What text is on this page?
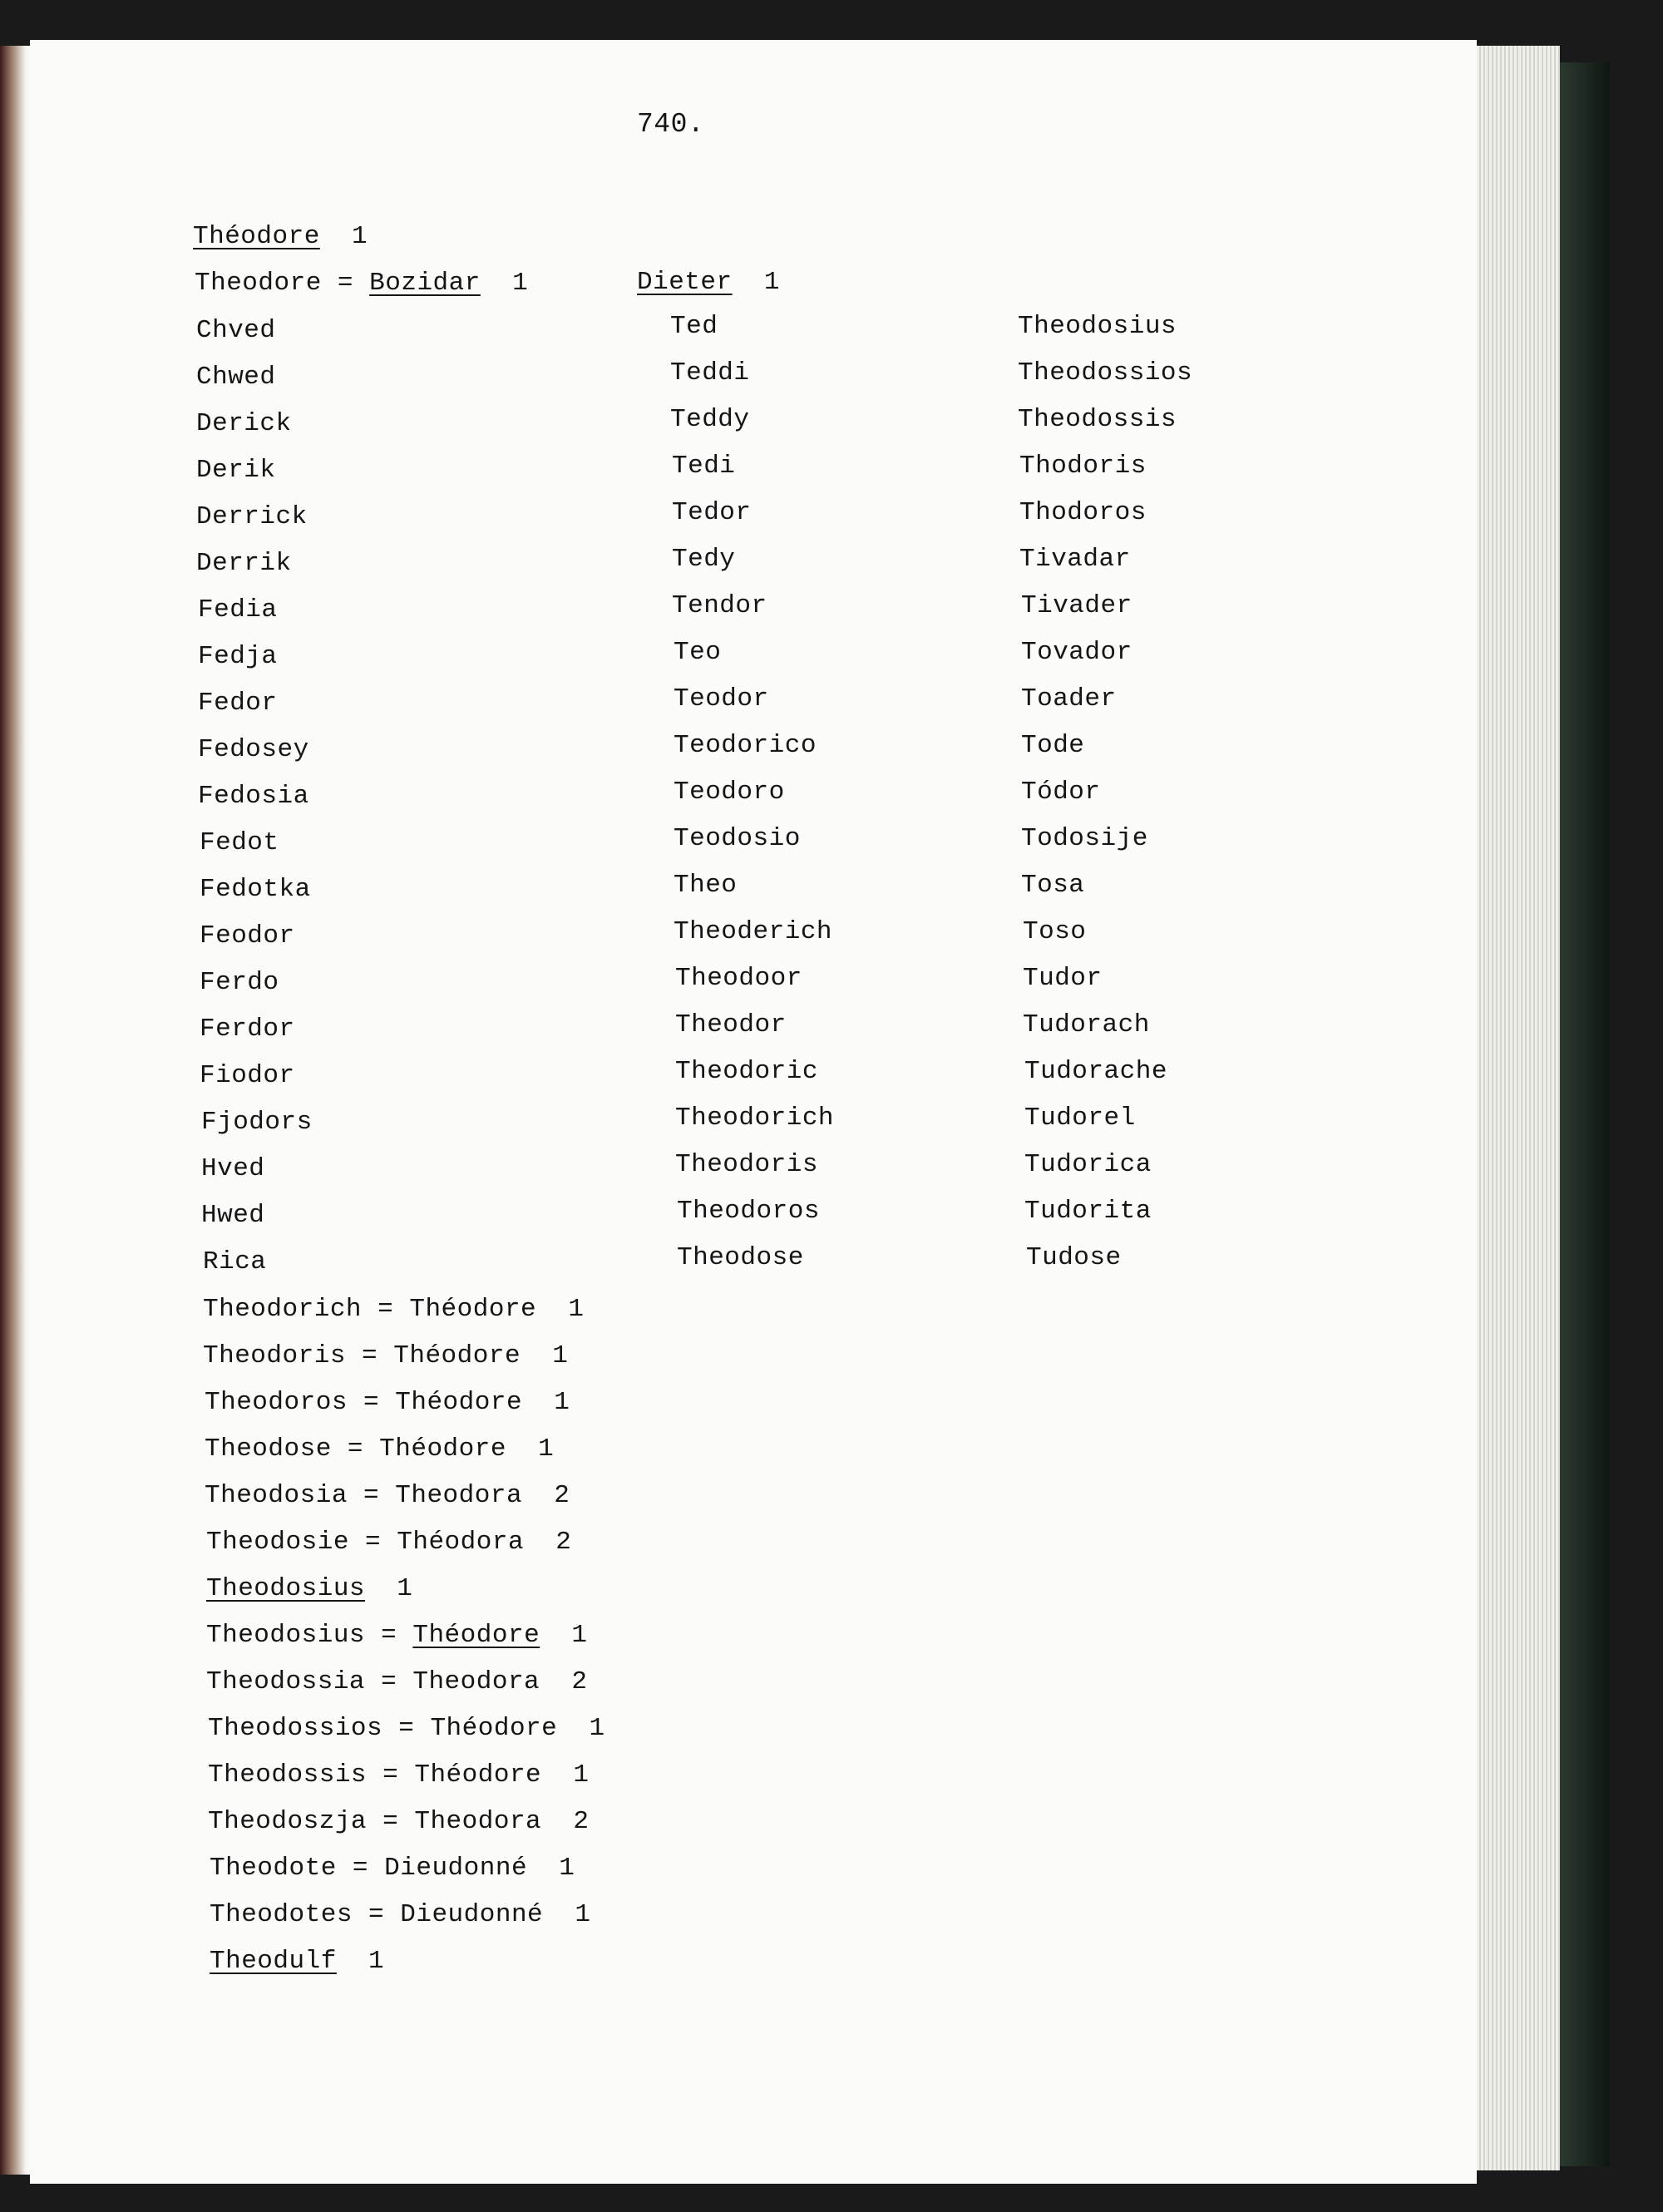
740.
Théodore  1
Theodore = Bozidar  1
Chved
Chwed
Derick
Derik
Derrick
Derrik
Fedia
Fedja
Fedor
Fedosey
Fedosia
Fedot
Fedotka
Feodor
Ferdo
Ferdor
Fiodor
Fjodors
Hved
Hwed
Rica
Theodorich = Théodore  1
Theodoris = Théodore  1
Theodoros = Théodore  1
Theodose = Théodore  1
Theodosia = Theodora  2
Theodosie = Théodora  2
Theodosius  1
Theodosius = Théodore  1
Theodossia = Theodora  2
Theodossios = Théodore  1
Theodossis = Théodore  1
Theodoszja = Theodora  2
Theodote = Dieudonné  1
Theodotes = Dieudonné  1
Theodulf  1
Dieter  1
Ted
Teddi
Teddy
Tedi
Tedor
Tedy
Tendor
Teo
Teodor
Teodorico
Teodoro
Teodosio
Theo
Theoderich
Theodoor
Theodor
Theodoric
Theodorich
Theodoris
Theodoros
Theodose
Theodosius
Theodossios
Theodossis
Thodoris
Thodoros
Tivadar
Tivader
Tovador
Toader
Tode
Tódor
Todosije
Tosa
Toso
Tudor
Tudorach
Tudorache
Tudorel
Tudorica
Tudorita
Tudose
